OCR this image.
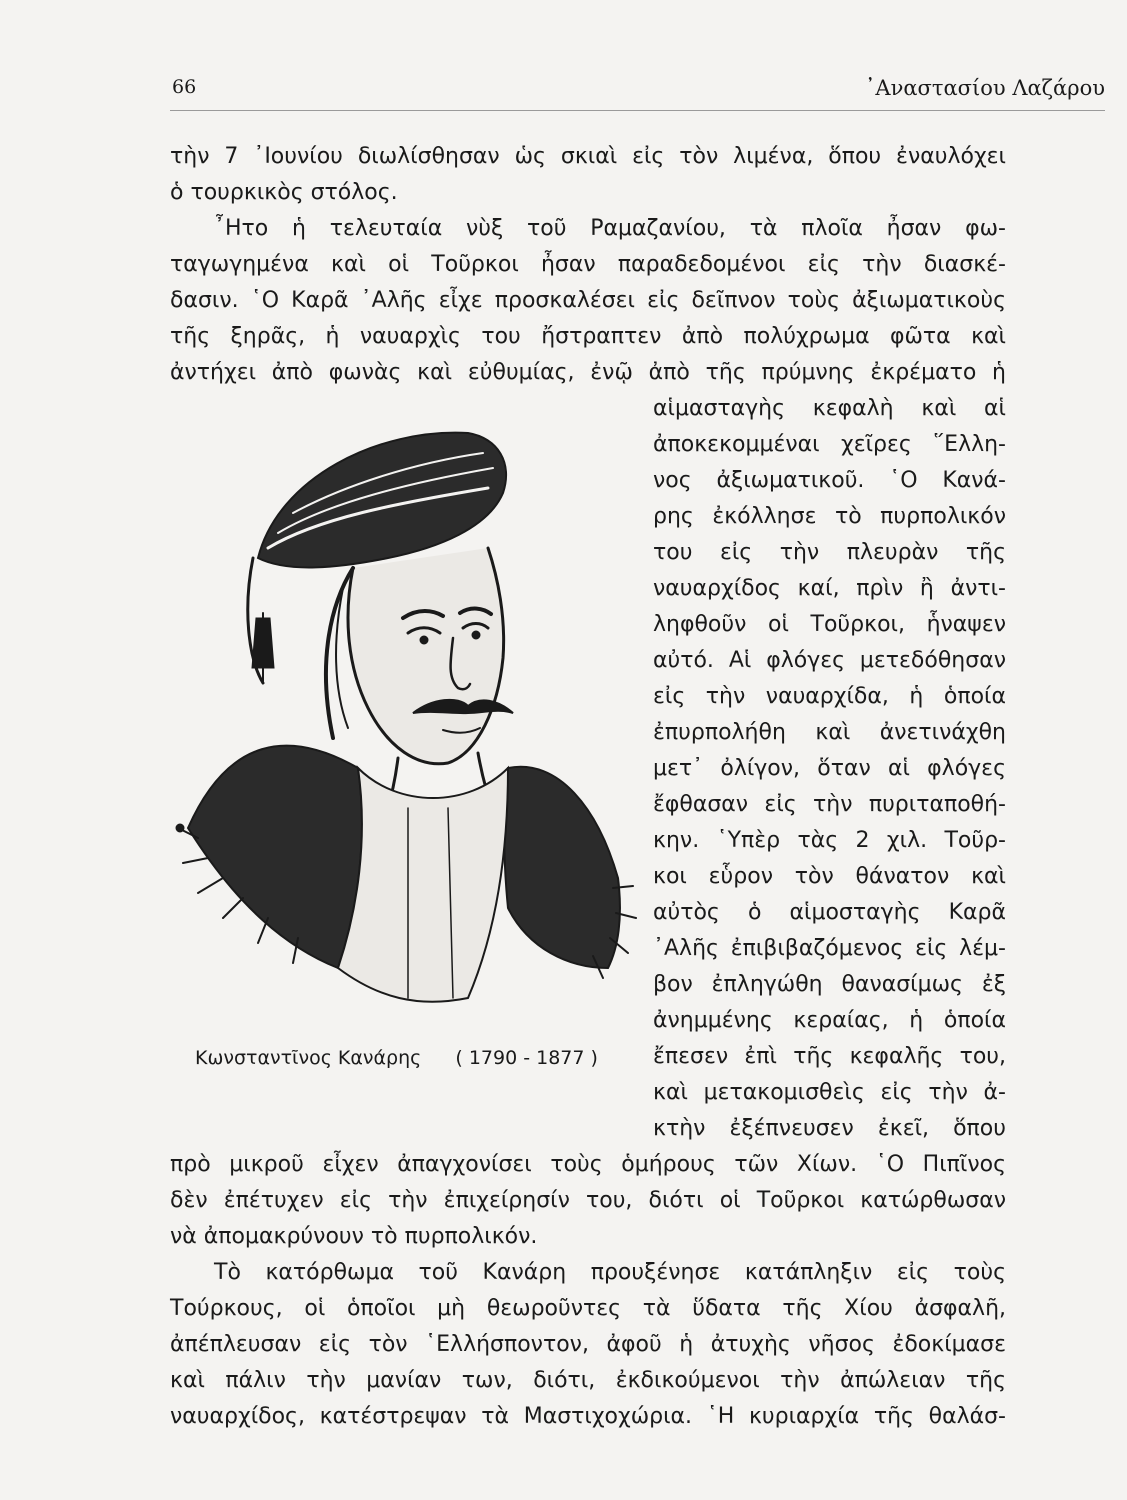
66	᾿Αναστασίου Λαζάρου
τὴν 7 ᾿Ιουνίου διωλίσθησαν ὡς σκιαὶ εἰς τὸν λιμένα, ὅπου ἐναυλόχει
ὁ τουρκικὸς στόλος.
῏Ητο ἡ τελευταία νὺξ τοῦ Ραμαζανίου, τὰ πλοῖα ἦσαν φω-
ταγωγημένα καὶ οἱ Τοῦρκοι ἦσαν παραδεδομένοι εἰς τὴν διασκέ-
δασιν. ῾Ο Καρᾶ ᾿Αλῆς εἶχε προσκαλέσει εἰς δεῖπνον τοὺς ἀξιωματικοὺς
τῆς ξηρᾶς, ἡ ναυαρχὶς του ἤστραπτεν ἀπὸ πολύχρωμα φῶτα καὶ
ἀντήχει ἀπὸ φωνὰς καὶ εὐθυμίας, ἐνῷ ἀπὸ τῆς πρύμνης ἐκρέματο ἡ
αἱμασταγὴς κεφαλὴ καὶ αἱ
ἀποκεκομμέναι χεῖρες ῞Ελλη-
νος ἀξιωματικοῦ. ῾Ο Κανά-
ρης ἐκόλλησε τὸ πυρπολικόν
του εἰς τὴν πλευρὰν τῆς
ναυαρχίδος καί, πρὶν ἢ ἀντι-
ληφθοῦν οἱ Τοῦρκοι, ἧναψεν
αὐτό. Αἱ φλόγες μετεδόθησαν
εἰς τὴν ναυαρχίδα, ἡ ὁποία
ἐπυρπολήθη καὶ ἀνετινάχθη
μετ᾿ ὀλίγον, ὅταν αἱ φλόγες
ἔφθασαν εἰς τὴν πυριταποθή-
κην. ῾Υπὲρ τὰς 2 χιλ. Τοῦρ-
κοι εὗρον τὸν θάνατον καὶ
αὐτὸς ὁ αἱμοσταγὴς Καρᾶ
᾿Αλῆς ἐπιβιβαζόμενος εἰς λέμ-
βον ἐπληγώθη θανασίμως ἐξ
ἀνημμένης κεραίας, ἡ ὁποία
ἔπεσεν ἐπὶ τῆς κεφαλῆς του,
καὶ μετακομισθεὶς εἰς τὴν ἀ-
κτὴν ἐξέπνευσεν ἐκεῖ, ὅπου
Κωνσταντῖνος Κανάρης ( 1790 - 1877 )
πρὸ μικροῦ εἶχεν ἀπαγχονίσει τοὺς ὁμήρους τῶν Χίων. ῾Ο Πιπῖνος
δὲν ἐπέτυχεν εἰς τὴν ἐπιχείρησίν του, διότι οἱ Τοῦρκοι κατώρθωσαν
νὰ ἀπομακρύνουν τὸ πυρπολικόν.
Τὸ κατόρθωμα τοῦ Κανάρη προυξένησε κατάπληξιν εἰς τοὺς
Τούρκους, οἱ ὁποῖοι μὴ θεωροῦντες τὰ ὕδατα τῆς Χίου ἀσφαλῆ,
ἀπέπλευσαν εἰς τὸν ῾Ελλήσποντον, ἀφοῦ ἡ ἀτυχὴς νῆσος ἐδοκίμασε
καὶ πάλιν τὴν μανίαν των, διότι, ἐκδικούμενοι τὴν ἀπώλειαν τῆς
ναυαρχίδος, κατέστρεψαν τὰ Μαστιχοχώρια. ῾Η κυριαρχία τῆς θαλάσ-
